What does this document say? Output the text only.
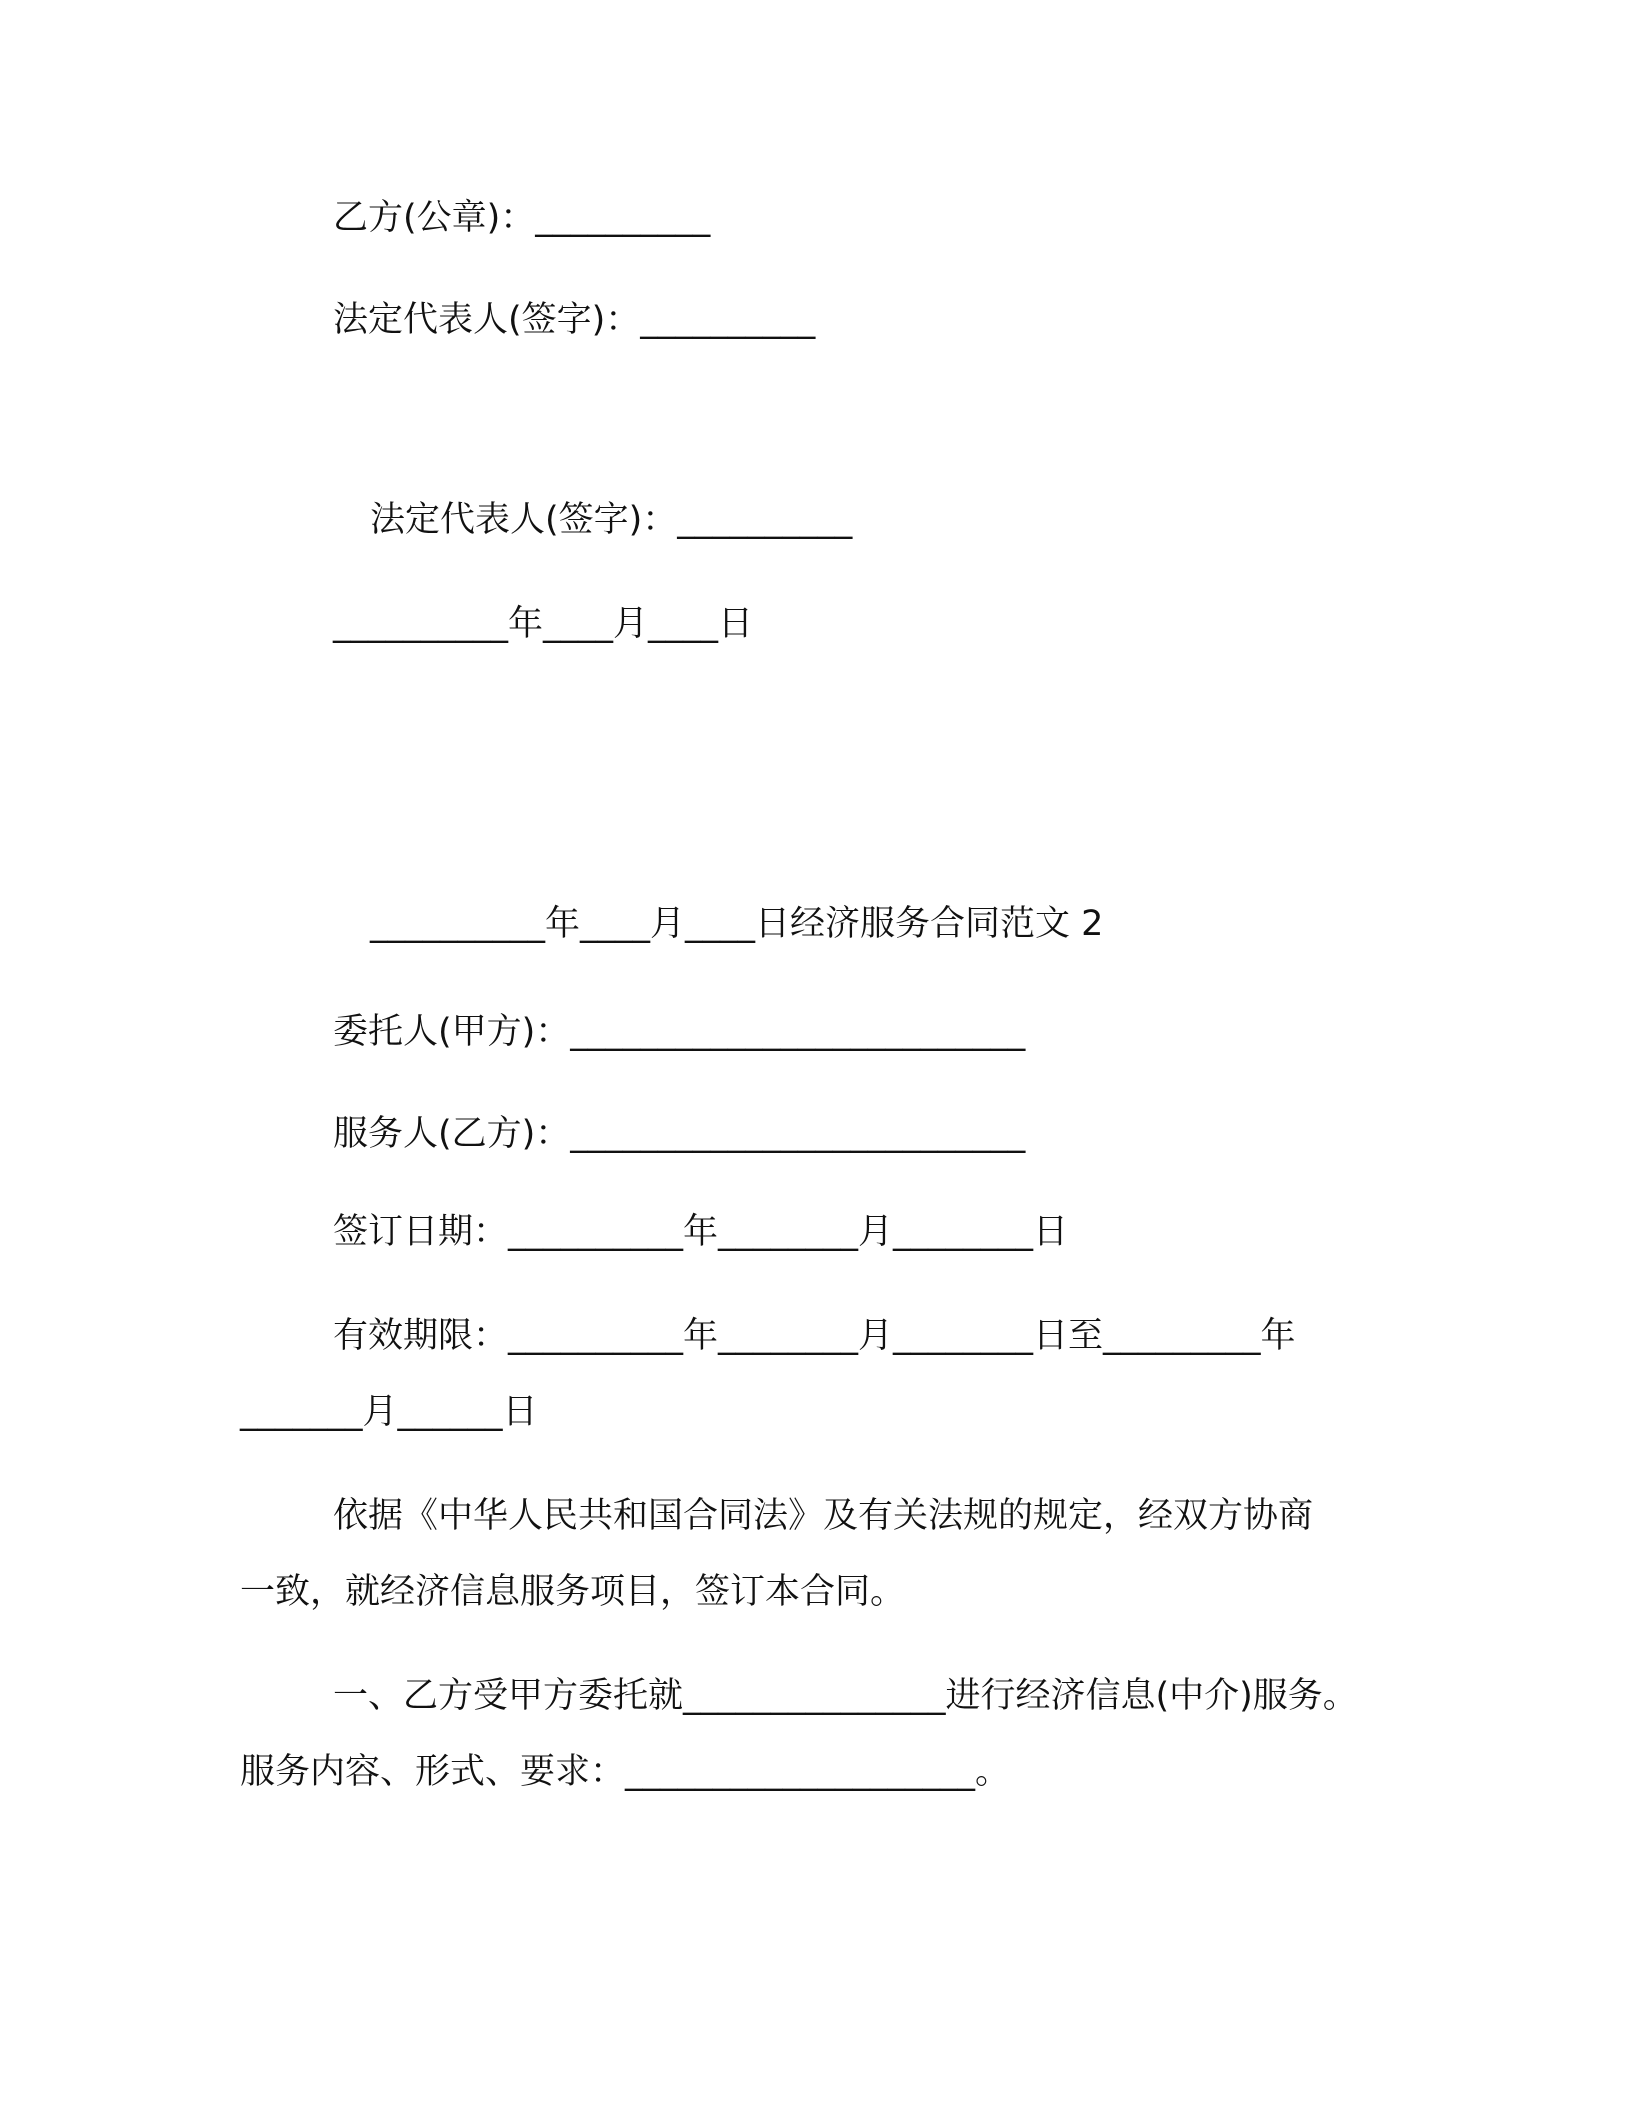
乙方(公章)：__________
法定代表人(签字)：__________
法定代表人(签字)：__________
__________年____月____日
__________年____月____日经济服务合同范文 2
委托人(甲方)：__________________________
服务人(乙方)：__________________________
签订日期：__________年________月________日
有效期限：__________年________月________日至_________年
_______月______日
依据《中华人民共和国合同法》及有关法规的规定，经双方协商
一致，就经济信息服务项目，签订本合同。
一、乙方受甲方委托就_______________进行经济信息(中介)服务。
服务内容、形式、要求：____________________。
